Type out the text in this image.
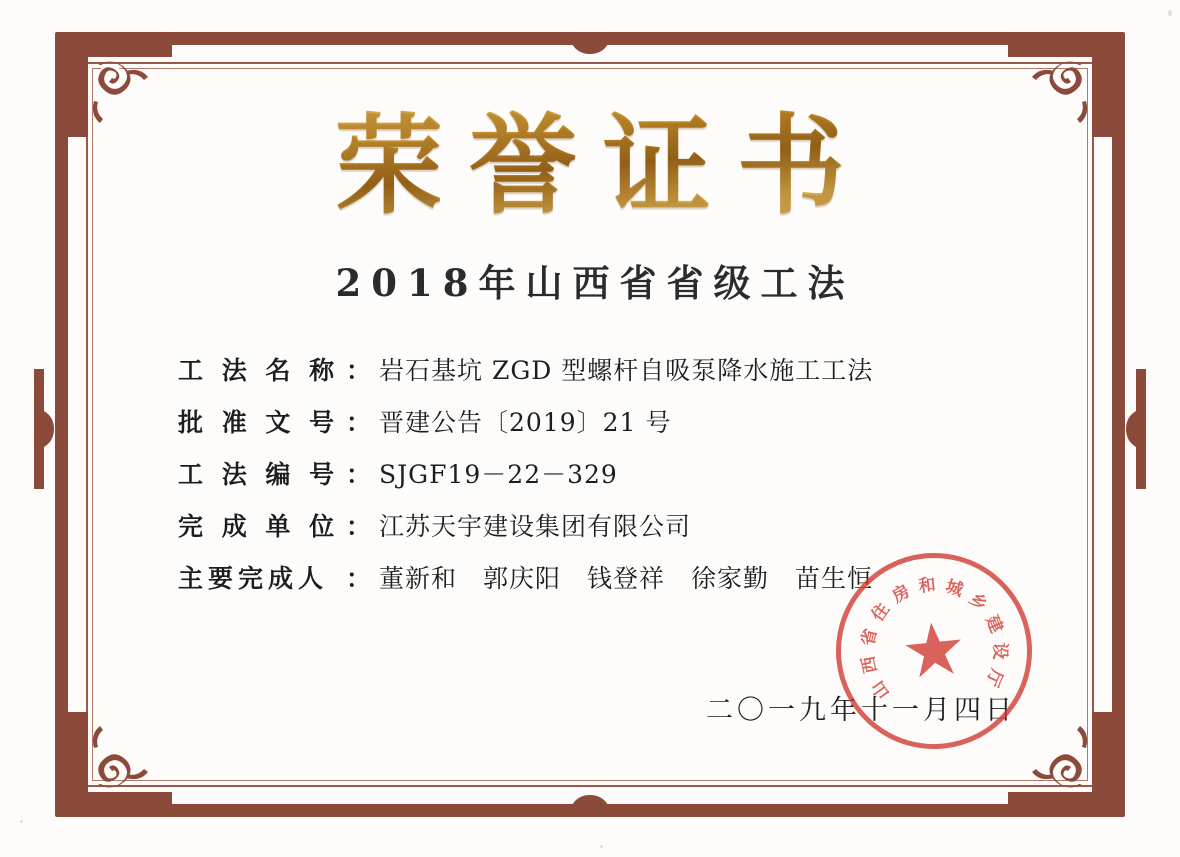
荣誉证书
2018年山西省省级工法
工 法 名 称 ： 岩石基坑 ZGD 型螺杆自吸泵降水施工工法
批 准 文 号 ： 晋建公告〔2019〕21 号
工 法 编 号 ： SJGF19－22－329
完 成 单 位 ： 江苏天宇建设集团有限公司
主要完成人 ： 董新和　郭庆阳　钱登祥　徐家勤　苗生恒
二〇一九年十一月四日
山
西
省
住
房 和 城
乡
建
设
厅
